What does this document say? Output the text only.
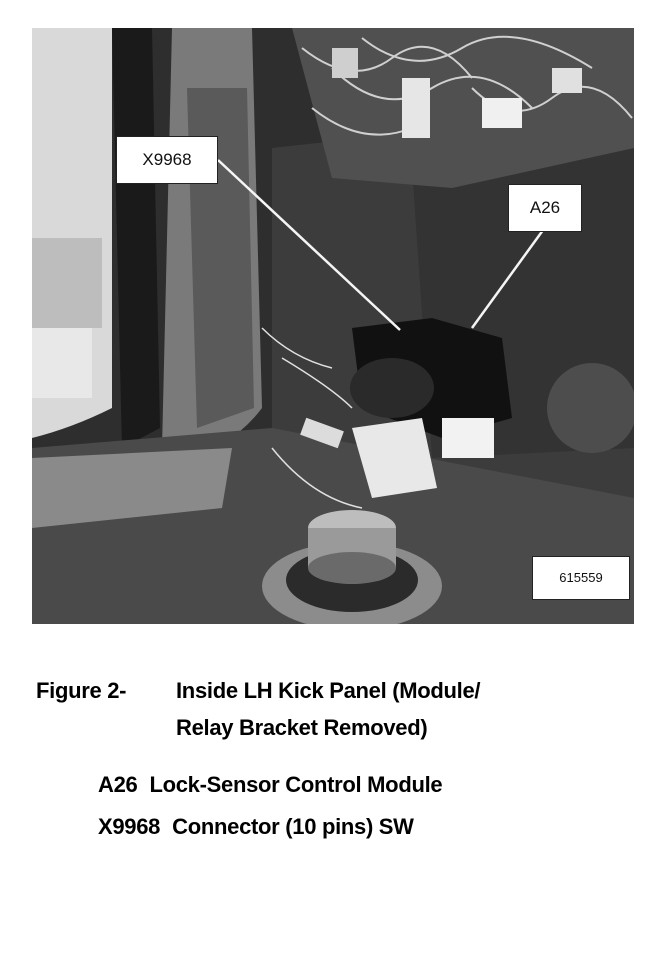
X9968
A26
615559
Figure 2- Inside LH Kick Panel (Module/
Relay Bracket Removed)
A26 Lock-Sensor Control Module
X9968 Connector (10 pins) SW
